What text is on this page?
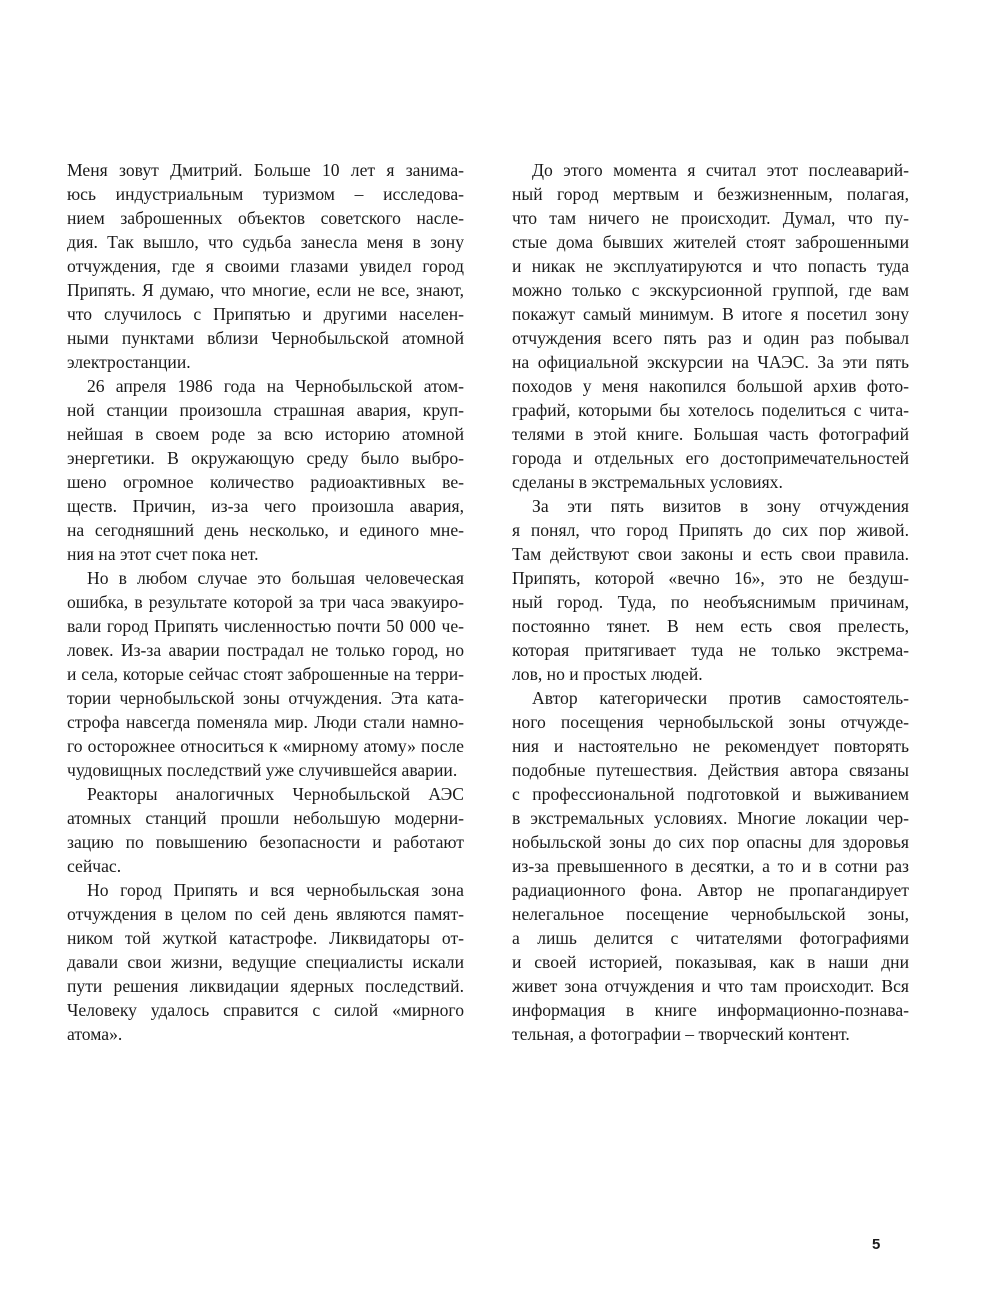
Меня зовут Дмитрий. Больше 10 лет я занима-
юсь индустриальным туризмом – исследова-
нием заброшенных объектов советского насле-
дия. Так вышло, что судьба занесла меня в зону
отчуждения, где я своими глазами увидел город
Припять. Я думаю, что многие, если не все, знают,
что случилось с Припятью и другими населен-
ными пунктами вблизи Чернобыльской атомной
электростанции.
26 апреля 1986 года на Чернобыльской атом-
ной станции произошла страшная авария, круп-
нейшая в своем роде за всю историю атомной
энергетики. В окружающую среду было выбро-
шено огромное количество радиоактивных ве-
ществ. Причин, из-за чего произошла авария,
на сегодняшний день несколько, и единого мне-
ния на этот счет пока нет.
Но в любом случае это большая человеческая
ошибка, в результате которой за три часа эвакуиро-
вали город Припять численностью почти 50 000 че-
ловек. Из-за аварии пострадал не только город, но
и села, которые сейчас стоят заброшенные на терри-
тории чернобыльской зоны отчуждения. Эта ката-
строфа навсегда поменяла мир. Люди стали намно-
го осторожнее относиться к «мирному атому» после
чудовищных последствий уже случившейся аварии.
Реакторы аналогичных Чернобыльской АЭС
атомных станций прошли небольшую модерни-
зацию по повышению безопасности и работают
сейчас.
Но город Припять и вся чернобыльская зона
отчуждения в целом по сей день являются памят-
ником той жуткой катастрофе. Ликвидаторы от-
давали свои жизни, ведущие специалисты искали
пути решения ликвидации ядерных последствий.
Человеку удалось справится с силой «мирного
атома».
До этого момента я считал этот послеаварий-
ный город мертвым и безжизненным, полагая,
что там ничего не происходит. Думал, что пу-
стые дома бывших жителей стоят заброшенными
и никак не эксплуатируются и что попасть туда
можно только с экскурсионной группой, где вам
покажут самый минимум. В итоге я посетил зону
отчуждения всего пять раз и один раз побывал
на официальной экскурсии на ЧАЭС. За эти пять
походов у меня накопился большой архив фото-
графий, которыми бы хотелось поделиться с чита-
телями в этой книге. Большая часть фотографий
города и отдельных его достопримечательностей
сделаны в экстремальных условиях.
За эти пять визитов в зону отчуждения
я понял, что город Припять до сих пор живой.
Там действуют свои законы и есть свои правила.
Припять, которой «вечно 16», это не бездуш-
ный город. Туда, по необъяснимым причинам,
постоянно тянет. В нем есть своя прелесть,
которая притягивает туда не только экстрема-
лов, но и простых людей.
Автор категорически против самостоятель-
ного посещения чернобыльской зоны отчужде-
ния и настоятельно не рекомендует повторять
подобные путешествия. Действия автора связаны
с профессиональной подготовкой и выживанием
в экстремальных условиях. Многие локации чер-
нобыльской зоны до сих пор опасны для здоровья
из-за превышенного в десятки, а то и в сотни раз
радиационного фона. Автор не пропагандирует
нелегальное посещение чернобыльской зоны,
а лишь делится с читателями фотографиями
и своей историей, показывая, как в наши дни
живет зона отчуждения и что там происходит. Вся
информация в книге информационно-познава-
тельная, а фотографии – творческий контент.
5
